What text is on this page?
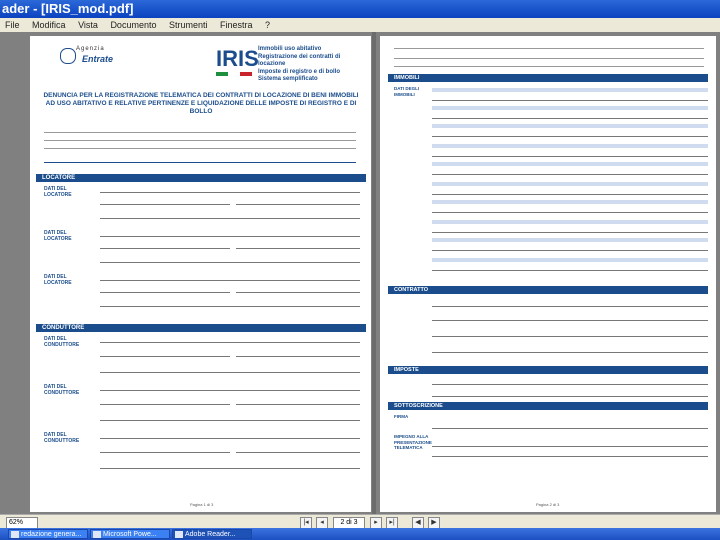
ader - [IRIS_mod.pdf]
File Modifica Vista Documento Strumenti Finestra ?
Agenzia
Entrate	IRIS Immobili uso abitativo
Registrazione dei contratti di locazione
Imposte di registro e di bollo
Sistema semplificato
DENUNCIA PER LA REGISTRAZIONE TELEMATICA DEI CONTRATTI DI LOCAZIONE DI BENI IMMOBILI AD USO ABITATIVO E RELATIVE PERTINENZE E LIQUIDAZIONE DELLE IMPOSTE DI REGISTRO E DI BOLLO
LOCATORE
DATI DEL LOCATORE
DATI DEL LOCATORE
DATI DEL LOCATORE
CONDUTTORE
DATI DEL CONDUTTORE
DATI DEL CONDUTTORE
DATI DEL CONDUTTORE
Pagina 1 di 3
IMMOBILI
DATI DEGLI IMMOBILI
CONTRATTO
IMPOSTE
SOTTOSCRIZIONE
FIRMA
IMPEGNO ALLA PRESENTAZIONE TELEMATICA
Pagina 2 di 3
62%	|◂	◂	2 di 3	▸	▸|	◀	▶
redazione genera...	Microsoft Powe...	Adobe Reader...
